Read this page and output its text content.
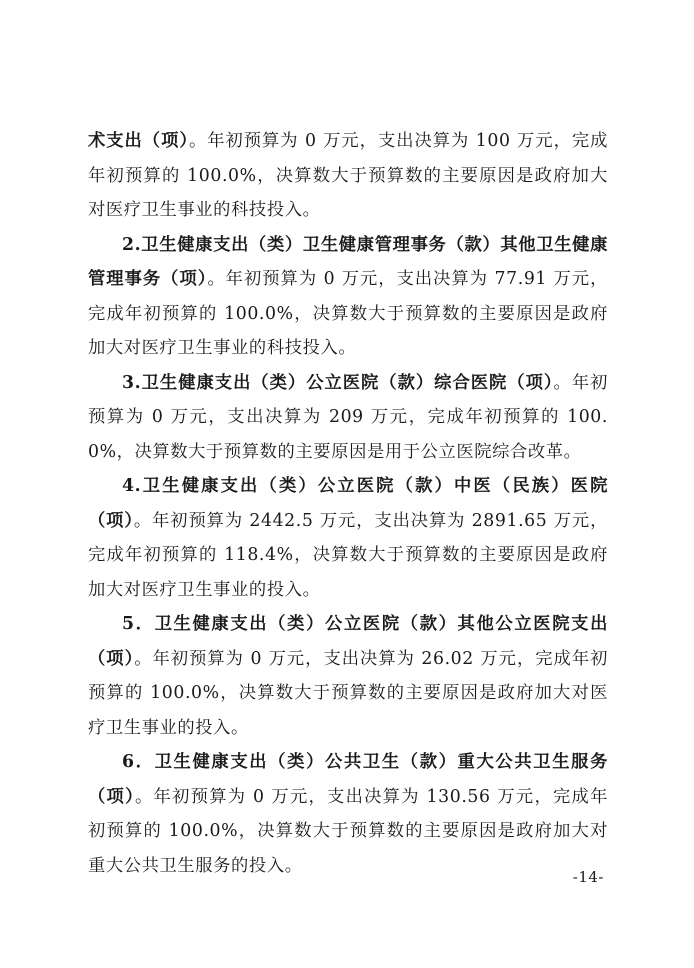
术支出（项）。年初预算为 0 万元，支出决算为 100 万元，完成年初预算的 100.0%，决算数大于预算数的主要原因是政府加大对医疗卫生事业的科技投入。

2.卫生健康支出（类）卫生健康管理事务（款）其他卫生健康管理事务（项）。年初预算为 0 万元，支出决算为 77.91 万元，完成年初预算的 100.0%，决算数大于预算数的主要原因是政府加大对医疗卫生事业的科技投入。

3.卫生健康支出（类）公立医院（款）综合医院（项）。年初预算为 0 万元，支出决算为 209 万元，完成年初预算的 100.0%，决算数大于预算数的主要原因是用于公立医院综合改革。

4.卫生健康支出（类）公立医院（款）中医（民族）医院（项）。年初预算为 2442.5 万元，支出决算为 2891.65 万元，完成年初预算的 118.4%，决算数大于预算数的主要原因是政府加大对医疗卫生事业的投入。

5．卫生健康支出（类）公立医院（款）其他公立医院支出（项）。年初预算为 0 万元，支出决算为 26.02 万元，完成年初预算的 100.0%，决算数大于预算数的主要原因是政府加大对医疗卫生事业的投入。

6．卫生健康支出（类）公共卫生（款）重大公共卫生服务（项）。年初预算为 0 万元，支出决算为 130.56 万元，完成年初预算的 100.0%，决算数大于预算数的主要原因是政府加大对重大公共卫生服务的投入。

-14-
